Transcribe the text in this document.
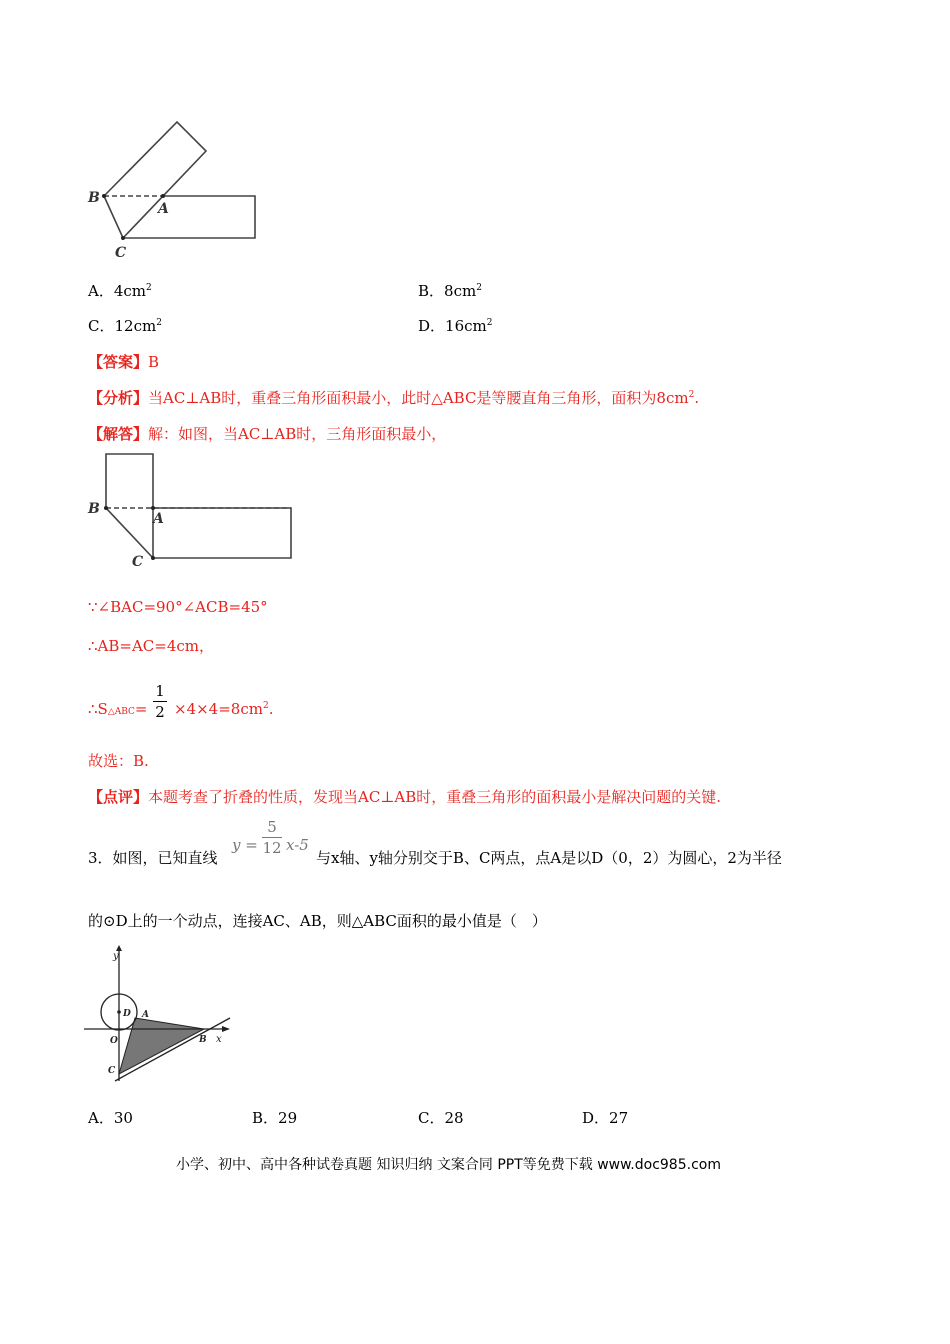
B
A
C
A．$4cm^2$	B．$8cm^2$
C．$12cm^2$	D．$16cm^2$
【答案】B
【分析】当AC⊥AB时，重叠三角形面积最小，此时△ABC是等腰直角三角形，面积为$8cm^2$.
【解答】解：如图，当AC⊥AB时，三角形面积最小，
B
A
C
∵∠BAC=90°∠ACB=45°
∴AB=AC=4cm，
∴S△ABC=
1
$2 \times 4\times 4=8cm^2$.
故选：B.
【点评】本题考查了折叠的性质，发现当AC⊥AB时，重叠三角形的面积最小是解决问题的关键.
3．如图，已知直线
y =
5
12 x-5
与x轴、y轴分别交于B、C两点，点A是以D（0，2）为圆心，2为半径
的⊙D上的一个动点，连接AC、AB，则△ABC面积的最小值是（　）
y
x
D A
O	B
C
A．30	B．29	C．28	D．27
小学、初中、高中各种试卷真题 知识归纳 文案合同 PPT等免费下载 www.doc985.com
